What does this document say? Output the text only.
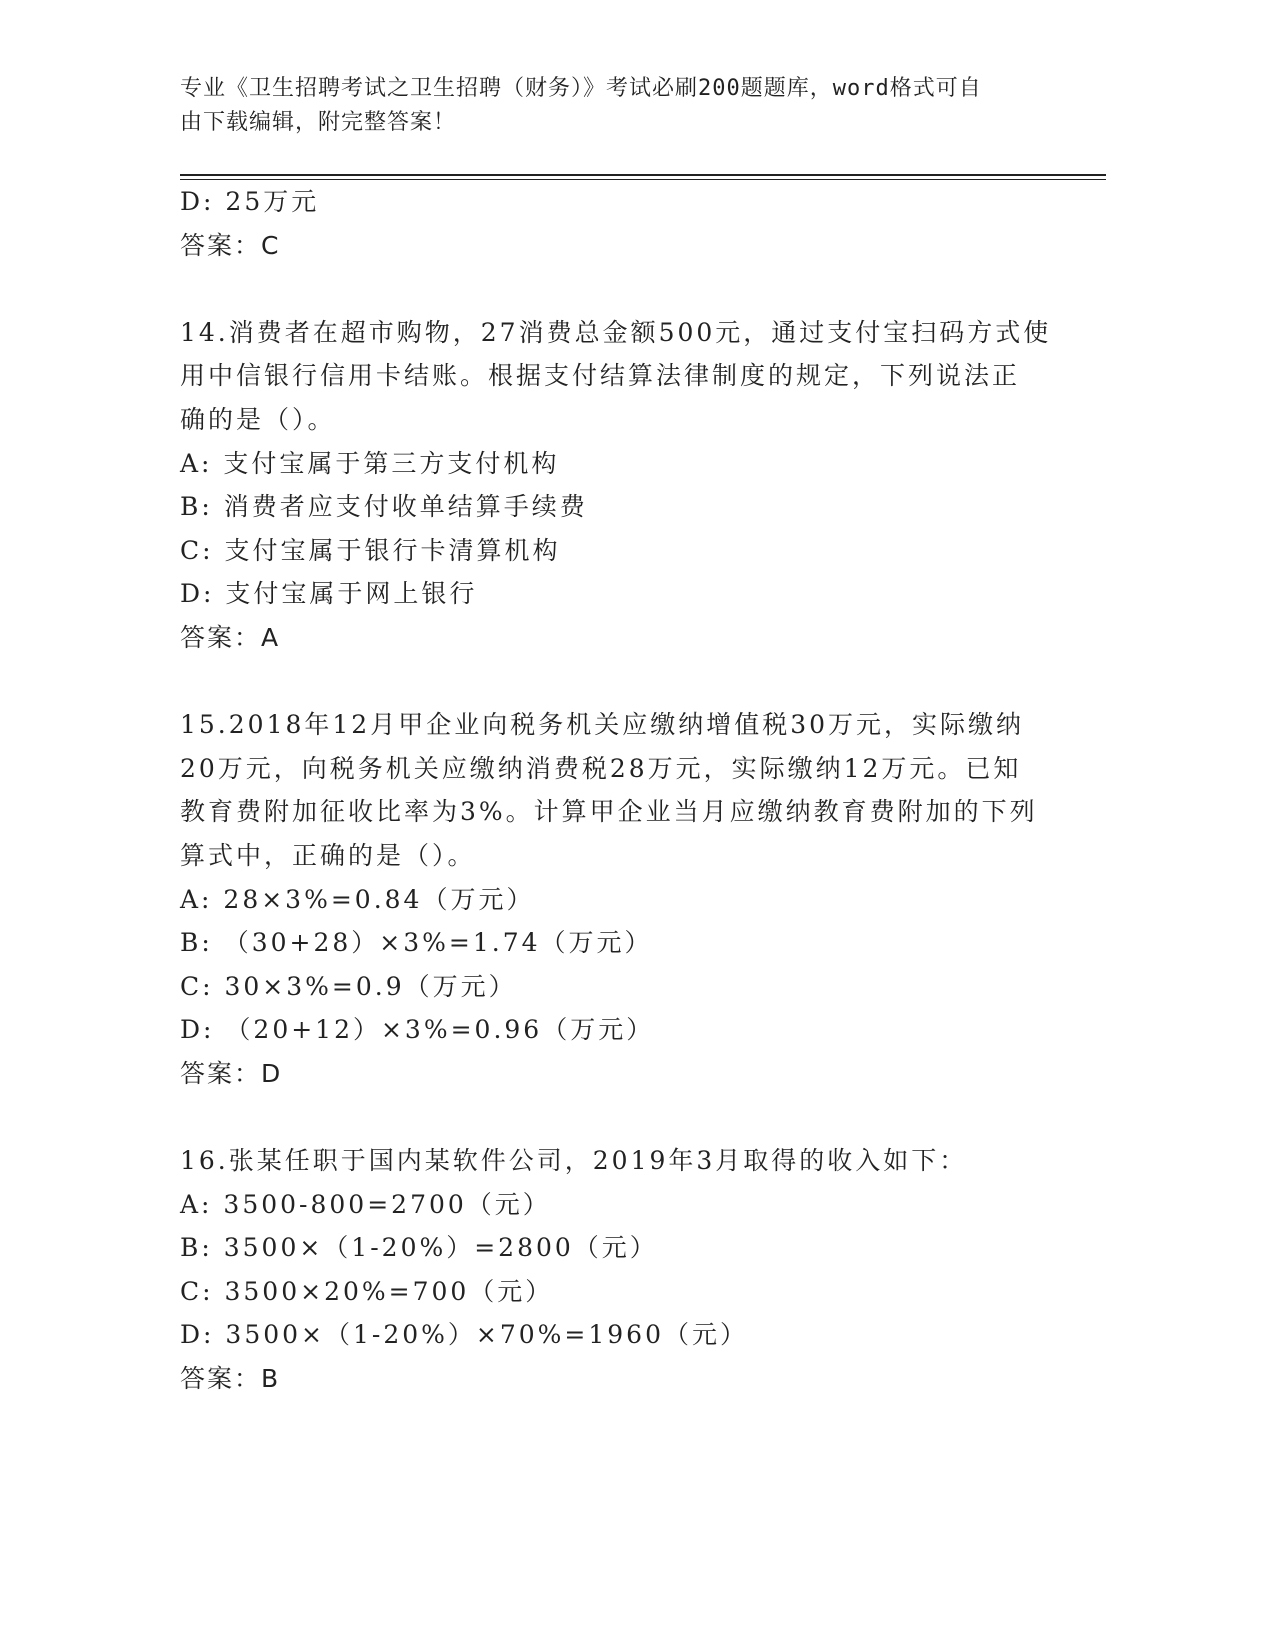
专业《卫生招聘考试之卫生招聘（财务）》考试必刷200题题库，word格式可自
由下载编辑，附完整答案！
D: 25万元
答案：C
14.消费者在超市购物，27消费总金额500元，通过支付宝扫码方式使
用中信银行信用卡结账。根据支付结算法律制度的规定，下列说法正
确的是（）。
A: 支付宝属于第三方支付机构
B: 消费者应支付收单结算手续费
C: 支付宝属于银行卡清算机构
D: 支付宝属于网上银行
答案：A
15.2018年12月甲企业向税务机关应缴纳增值税30万元，实际缴纳
20万元，向税务机关应缴纳消费税28万元，实际缴纳12万元。已知
教育费附加征收比率为3%。计算甲企业当月应缴纳教育费附加的下列
算式中，正确的是（）。
A: 28×3%=0.84（万元）
B: （30+28）×3%=1.74（万元）
C: 30×3%=0.9（万元）
D: （20+12）×3%=0.96（万元）
答案：D
16.张某任职于国内某软件公司，2019年3月取得的收入如下：
A: 3500-800=2700（元）
B: 3500×（1-20%）=2800（元）
C: 3500×20%=700（元）
D: 3500×（1-20%）×70%=1960（元）
答案：B
